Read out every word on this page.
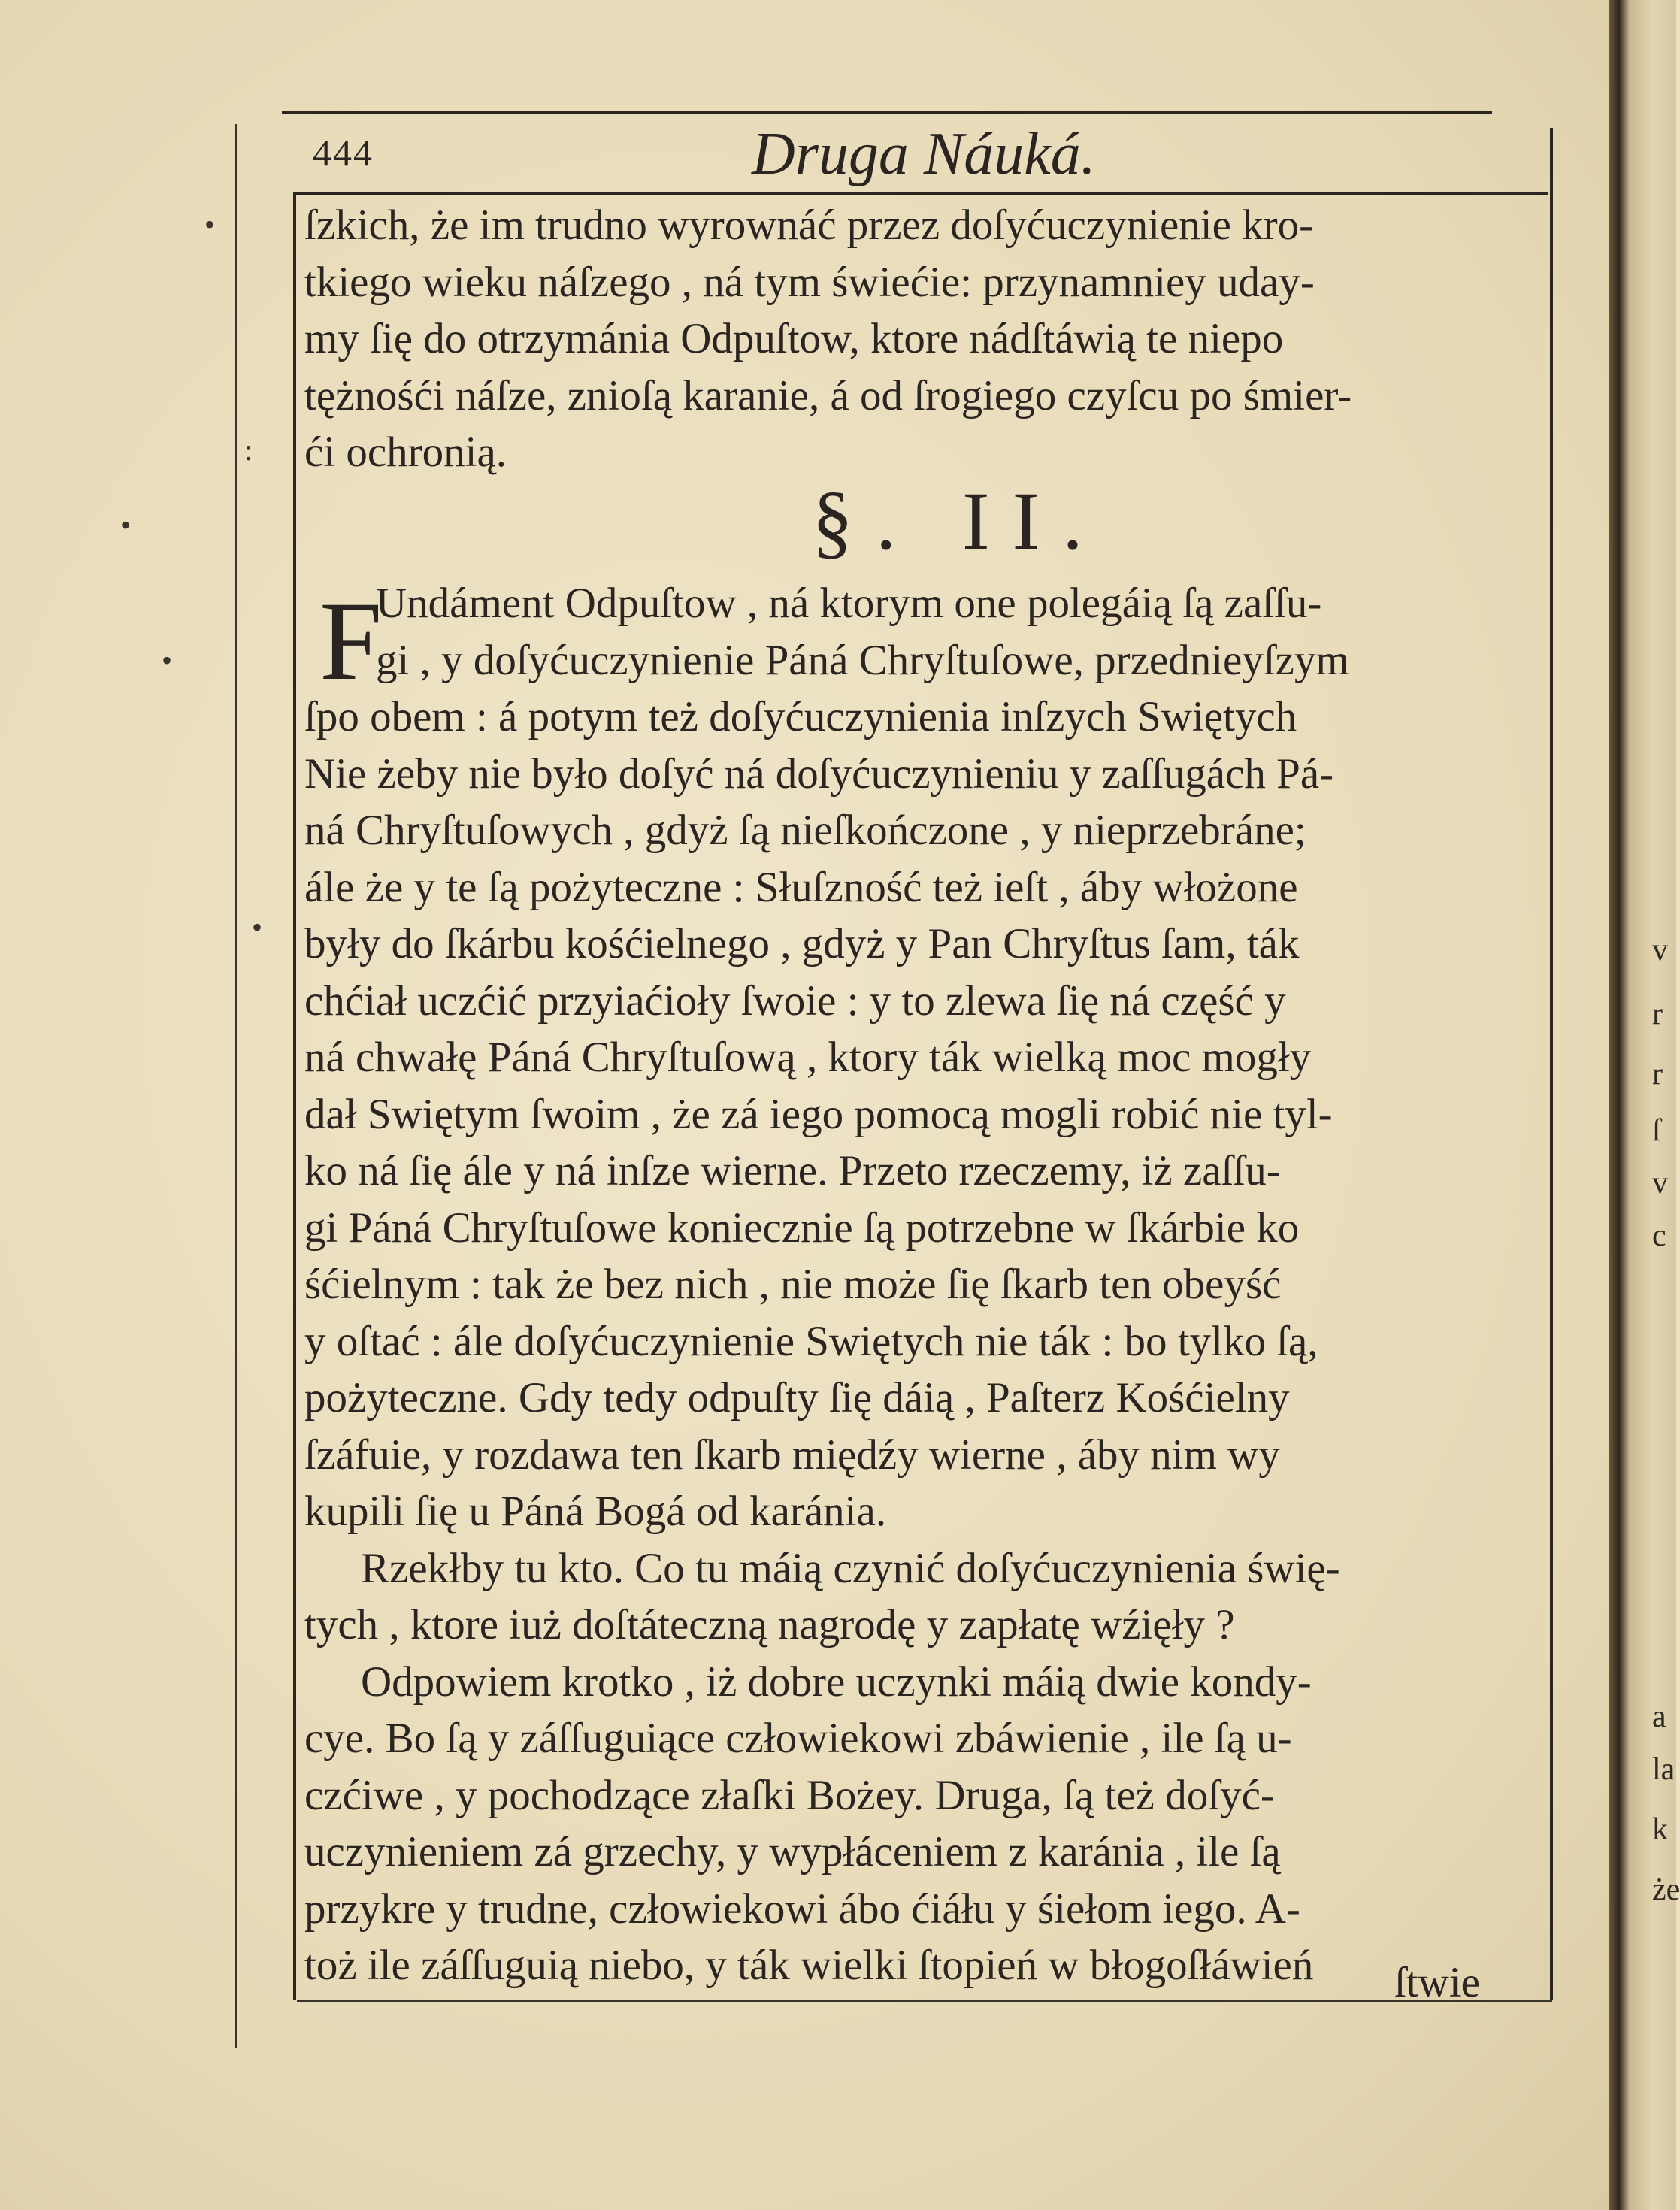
v
r
r
ſ
v
c
a
la
k
że
•
:
•
•
•
444	Druga Náuká.
ſzkich, że im trudno wyrownáć przez doſyćuczynienie kro-
tkiego wieku náſzego , ná tym świećie: przynamniey uday-
my ſię do otrzymánia Odpuſtow, ktore nádſtáwią te niepo
tężnośći náſze, znioſą karanie, á od ſrogiego czyſcu po śmier-
ći ochronią.
§. II.
F
Undáment Odpuſtow , ná ktorym one polegáią ſą zaſſu-
gi , y doſyćuczynienie Páná Chryſtuſowe, przednieyſzym
ſpo obem : á potym też doſyćuczynienia inſzych Swiętych
Nie żeby nie było doſyć ná doſyćuczynieniu y zaſſugách Pá-
ná Chryſtuſowych , gdyż ſą nieſkończone , y nieprzebráne;
ále że y te ſą pożyteczne : Słuſzność też ieſt , áby włożone
były do ſkárbu kośćielnego , gdyż y Pan Chryſtus ſam, ták
chćiał uczćić przyiaćioły ſwoie : y to zlewa ſię ná część y
ná chwałę Páná Chryſtuſową , ktory ták wielką moc mogły
dał Swiętym ſwoim , że zá iego pomocą mogli robić nie tyl-
ko ná ſię ále y ná inſze wierne. Przeto rzeczemy, iż zaſſu-
gi Páná Chryſtuſowe koniecznie ſą potrzebne w ſkárbie ko
śćielnym : tak że bez nich , nie może ſię ſkarb ten obeyść
y oſtać : ále doſyćuczynienie Swiętych nie ták : bo tylko ſą,
pożyteczne. Gdy tedy odpuſty ſię dáią , Paſterz Kośćielny
ſzáfuie, y rozdawa ten ſkarb międźy wierne , áby nim wy
kupili ſię u Páná Bogá od karánia.
Rzekłby tu kto. Co tu máią czynić doſyćuczynienia świę-
tych , ktore iuż doſtáteczną nagrodę y zapłatę wźięły ?
Odpowiem krotko , iż dobre uczynki máią dwie kondy-
cye. Bo ſą y záſſuguiące człowiekowi zbáwienie , ile ſą u-
czćiwe , y pochodzące złaſki Bożey. Druga, ſą też doſyć-
uczynieniem zá grzechy, y wypłáceniem z karánia , ile ſą
przykre y trudne, człowiekowi ábo ćiáłu y śiełom iego. A-
toż ile záſſuguią niebo, y ták wielki ſtopień w błogoſłáwień	ſtwie
